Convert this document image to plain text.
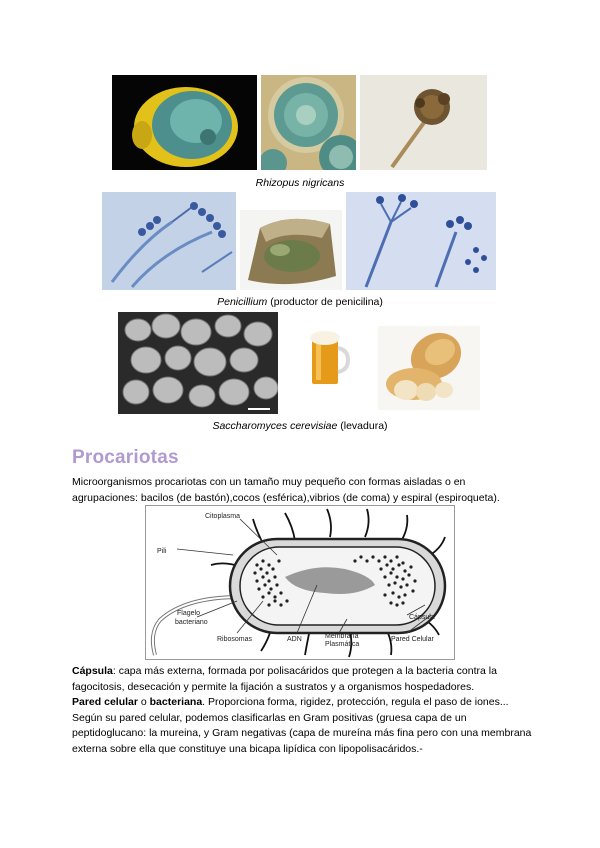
Rhizopus nigricans
Penicillium (productor de penicilina)
Saccharomyces cerevisiae (levadura)
Procariotas
Microorganismos procariotas con un tamaño muy pequeño con formas aisladas o en agrupaciones: bacilos (de bastón),cocos (esférica),vibrios (de coma) y espiral (espiroqueta).
Citoplasma
Pili
Flagelo
bacteriano
Ribosomas	ADN	Membrana
Plasmática
Cápsula
Pared Celular
Cápsula: capa más externa, formada por polisacáridos que protegen a la bacteria contra la fagocitosis, desecación y permite la fijación a sustratos y a organismos hospedadores.
Pared celular o bacteriana. Proporciona forma, rigidez, protección, regula el paso de iones... Según su pared celular, podemos clasificarlas en Gram positivas (gruesa capa de un peptidoglucano: la mureina, y Gram negativas (capa de mureína más fina pero con una membrana externa sobre ella que constituye una bicapa lipídica con lipopolisacáridos.-
